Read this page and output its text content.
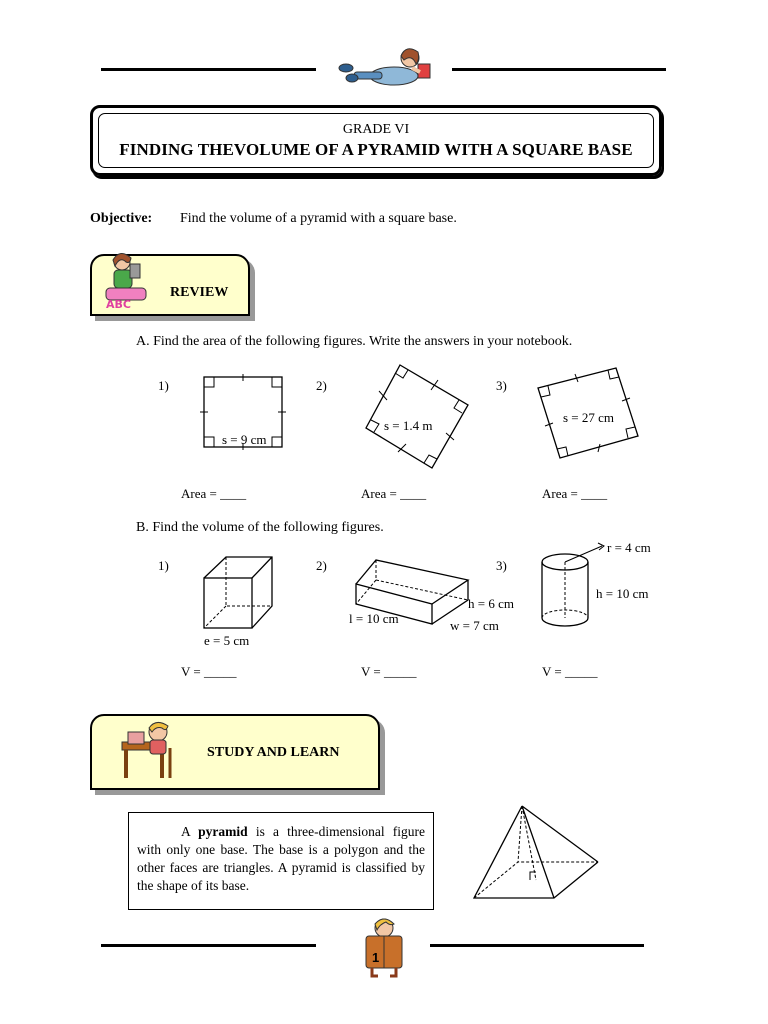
GRADE VI
FINDING THEVOLUME OF A PYRAMID WITH A SQUARE BASE
Objective: Find the volume of a pyramid with a square base.
ABC
REVIEW
A. Find the area of the following figures. Write the answers in your notebook.
1)	2)	3)
s = 9 cm
s = 1.4 m
s = 27 cm
Area = ____	Area = ____	Area = ____
B. Find the volume of the following figures.
1)	2)	3)
e = 5 cm
h = 6 cm
l = 10 cm	w = 7 cm
r = 4 cm
h = 10 cm
V = _____	V = _____	V = _____
STUDY AND LEARN
A pyramid is a three-dimensional figure with only one base. The base is a polygon and the other faces are triangles. A pyramid is classified by the shape of its base.
1
